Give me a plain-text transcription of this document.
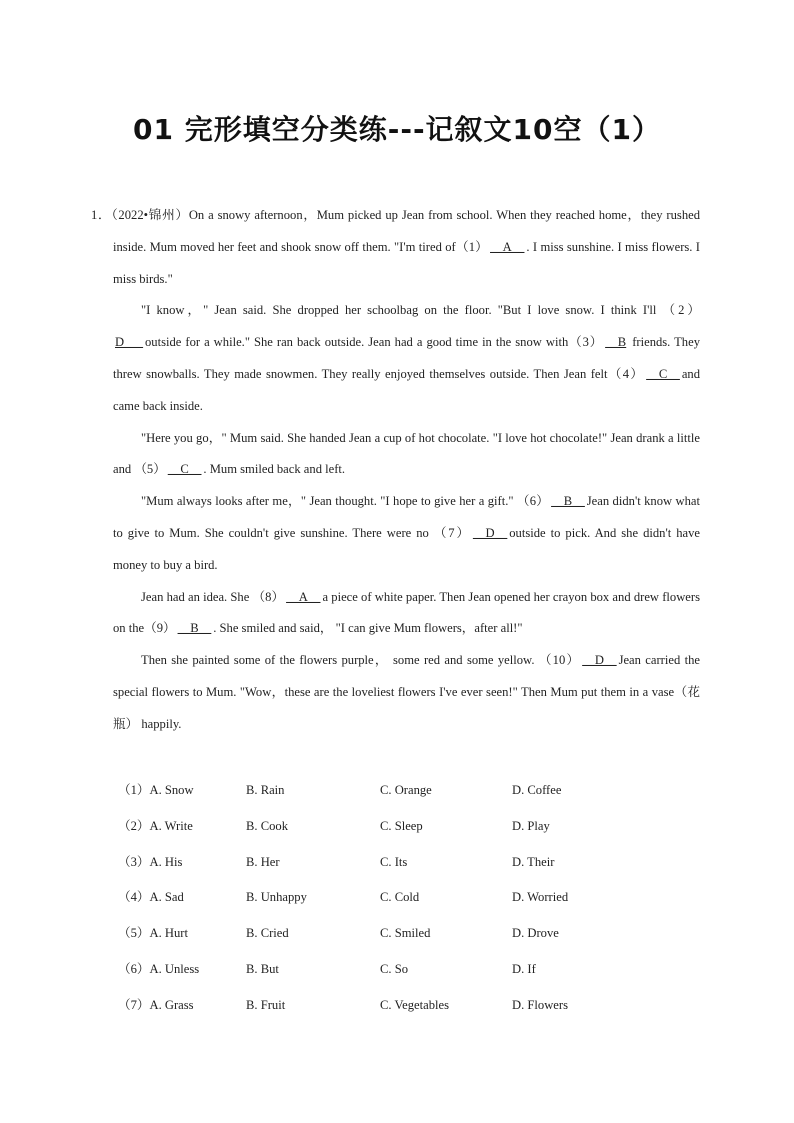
01 完形填空分类练---记叙文10空（1）

1．（2022•锦州）On a snowy afternoon，Mum picked up Jean from school. When they reached home，they rushed inside. Mum moved her feet and shook snow off them. "I'm tired of（1） __A__ . I miss sunshine. I miss flowers. I miss birds."

"I know，" Jean said. She dropped her schoolbag on the floor. "But I love snow. I think I'll （2）D___ outside for a while." She ran back outside. Jean had a good time in the snow with（3） __B friends. They threw snowballs. They made snowmen. They really enjoyed themselves outside. Then Jean felt（4） __C__ and came back inside.

"Here you go，" Mum said. She handed Jean a cup of hot chocolate. "I love hot chocolate!" Jean drank a little and （5） __C__ . Mum smiled back and left.

"Mum always looks after me，" Jean thought. "I hope to give her a gift." （6） __B__ Jean didn't know what to give to Mum. She couldn't give sunshine. There were no （7） __D__ outside to pick. And she didn't have money to buy a bird.

Jean had an idea. She （8） __A__ a piece of white paper. Then Jean opened her crayon box and drew flowers on the（9） __B__ . She smiled and said， "I can give Mum flowers，after all!"

Then she painted some of the flowers purple， some red and some yellow. （10） __D__ Jean carried the special flowers to Mum. "Wow，these are the loveliest flowers I've ever seen!" Then Mum put them in a vase（花瓶） happily.

（1）A. Snow	B. Rain	C. Orange	D. Coffee
（2）A. Write	B. Cook	C. Sleep	D. Play
（3）A. His	B. Her	C. Its	D. Their
（4）A. Sad	B. Unhappy	C. Cold	D. Worried
（5）A. Hurt	B. Cried	C. Smiled	D. Drove
（6）A. Unless	B. But	C. So	D. If
（7）A. Grass	B. Fruit	C. Vegetables	D. Flowers
